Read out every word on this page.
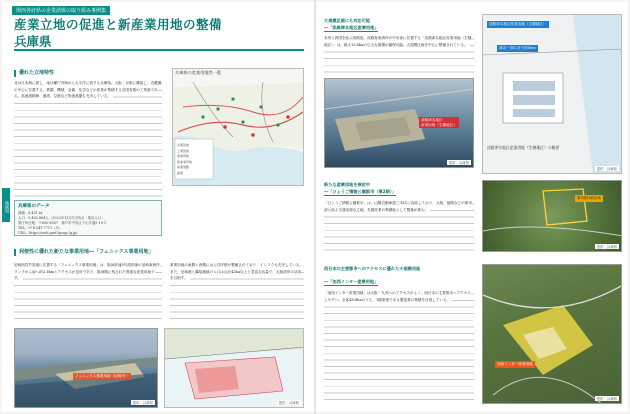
関西各府県の企業誘致の取り組み事例集
産業立地の促進と新産業用地の整備
兵庫県
地域別
優れた立地特性
北は日本海に面し、南は瀬戸内海から太平洋に面する兵庫県。大阪・京都に隣接し、近畿圏の中心に位置する。鉄鋼、機械、金属、化学などの産業が集積する全国有数の工業県である。高速道路網、港湾、空港など物流基盤も充実している。
兵庫県の産業用地等一覧
企業団地
工業団地
産業用地
新産業用地
高速道路
鉄道
兵庫県のデータ
面積：8,401 ㎢
人口：5,402,864人（2022年11月1日時点・推計人口）
県庁所在地：〒650-8567　神戸市中央区下山手通5-10-1
TEL：078-341-7711（代）
URL：https://web.pref.hyogo.lg.jp/
利便性に優れた新たな事業用地―「フェニックス事業用地」
尼崎西宮芦屋港に位置する「フェニックス事業用地」は、阪神高速5号湾岸線の尼崎東海岸ランプから南へ約2.3kmとアクセスが良好であり、阪神間に残された貴重な産業用地です。
事業用地の東側と西側には公共岸壁が整備されており、インフラも充実している。また、尼崎港と隣接地域の入口は合計43ha以上と豊富な容量で、大阪湾岸の活用を目指す。
フェニックス事業用地（尼崎市）
提供：兵庫県	提供：兵庫県
大規模区画にも対応可能
―「淡路津名地区産業用地」
本州と四国を結ぶ淡路島。淡路島東海岸の中央部に位置する「淡路津名地区産業用地（生穂地区）」は、最大13.6haの広大な面積が確保可能。大規模区画を中心に整備されている。
淡路津名地区
産業用地（生穂地区）
提供：兵庫県
淡路津名地区産業用地（生穂地区）
津名一宮ICまで約5km
淡路津名地区産業用地（生穂地区）の概要
提供：兵庫県
新たな産業団地を検討中
―「ひょうご情報公園都市（第2期）」
「ひょうご情報公園都市」は、山陽自動車道三木ICに直結しており、大阪、姫路などの都市部と結ぶ交通至便な立地。先端産業の集積地として整備が進む。
第2期対象区域
提供：兵庫県
西日本の主要都市へのアクセスに優れた大規模用地
―「加西インター産業用地」
「加西インター産業用地」は大阪・九州へのアクセスがよく、西日本の主要都市へアクセスしやすい。全体48.8haのうち、1期事業である製造業の集積を目指している。
加西インター産業用地
提供：兵庫県
